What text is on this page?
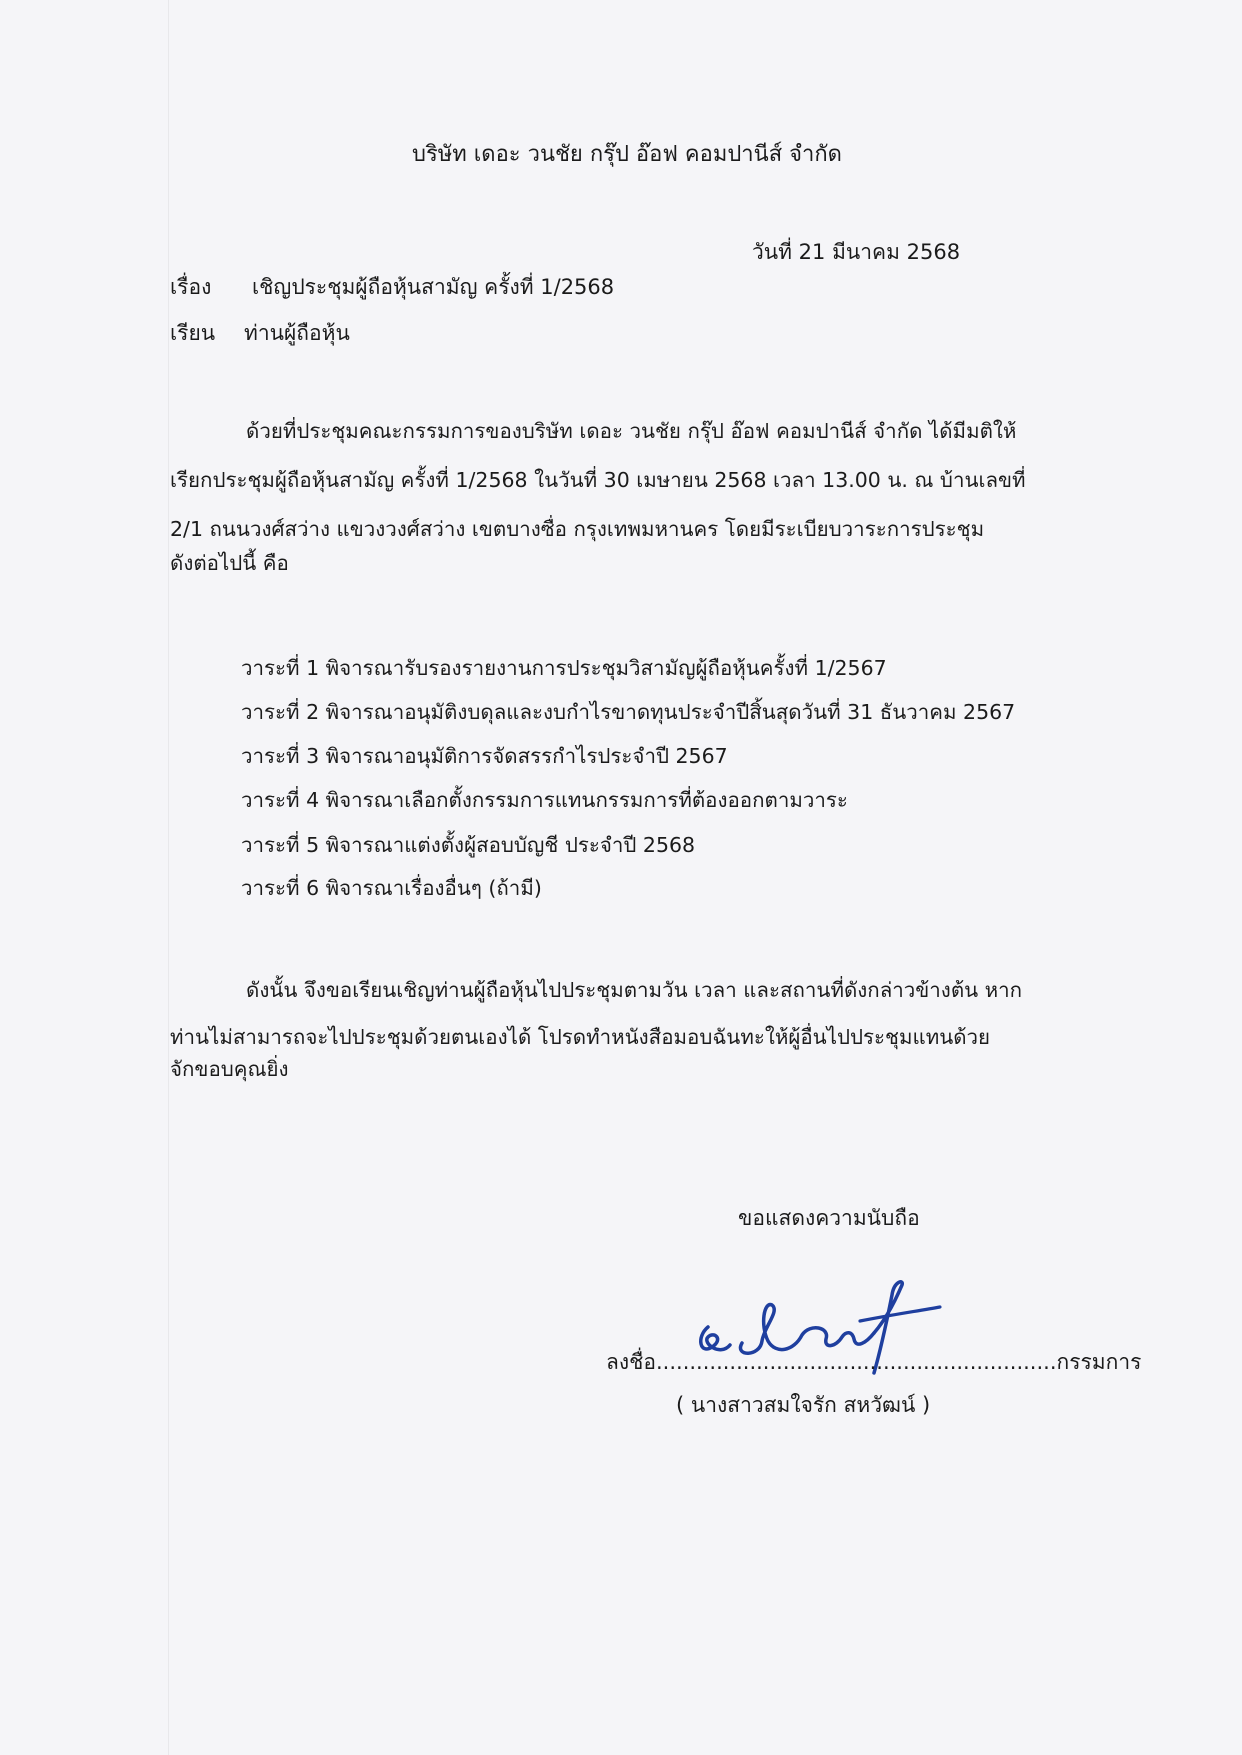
บริษัท เดอะ วนชัย กรุ๊ป อ๊อฟ คอมปานีส์ จำกัด
วันที่ 21 มีนาคม 2568
เรื่อง เชิญประชุมผู้ถือหุ้นสามัญ ครั้งที่ 1/2568
เรียน ท่านผู้ถือหุ้น
ด้วยที่ประชุมคณะกรรมการของบริษัท เดอะ วนชัย กรุ๊ป อ๊อฟ คอมปานีส์ จำกัด ได้มีมติให้
เรียกประชุมผู้ถือหุ้นสามัญ ครั้งที่ 1/2568 ในวันที่ 30 เมษายน 2568 เวลา 13.00 น. ณ บ้านเลขที่
2/1 ถนนวงศ์สว่าง แขวงวงศ์สว่าง เขตบางซื่อ กรุงเทพมหานคร โดยมีระเบียบวาระการประชุม
ดังต่อไปนี้ คือ
วาระที่ 1 พิจารณารับรองรายงานการประชุมวิสามัญผู้ถือหุ้นครั้งที่ 1/2567
วาระที่ 2 พิจารณาอนุมัติงบดุลและงบกำไรขาดทุนประจำปีสิ้นสุดวันที่ 31 ธันวาคม 2567
วาระที่ 3 พิจารณาอนุมัติการจัดสรรกำไรประจำปี 2567
วาระที่ 4 พิจารณาเลือกตั้งกรรมการแทนกรรมการที่ต้องออกตามวาระ
วาระที่ 5 พิจารณาแต่งตั้งผู้สอบบัญชี ประจำปี 2568
วาระที่ 6 พิจารณาเรื่องอื่นๆ (ถ้ามี)
ดังนั้น จึงขอเรียนเชิญท่านผู้ถือหุ้นไปประชุมตามวัน เวลา และสถานที่ดังกล่าวข้างต้น หาก
ท่านไม่สามารถจะไปประชุมด้วยตนเองได้ โปรดทำหนังสือมอบฉันทะให้ผู้อื่นไปประชุมแทนด้วย
จักขอบคุณยิ่ง
ขอแสดงความนับถือ
ลงชื่อ............................................................กรรมการ
( นางสาวสมใจรัก สหวัฒน์ )
